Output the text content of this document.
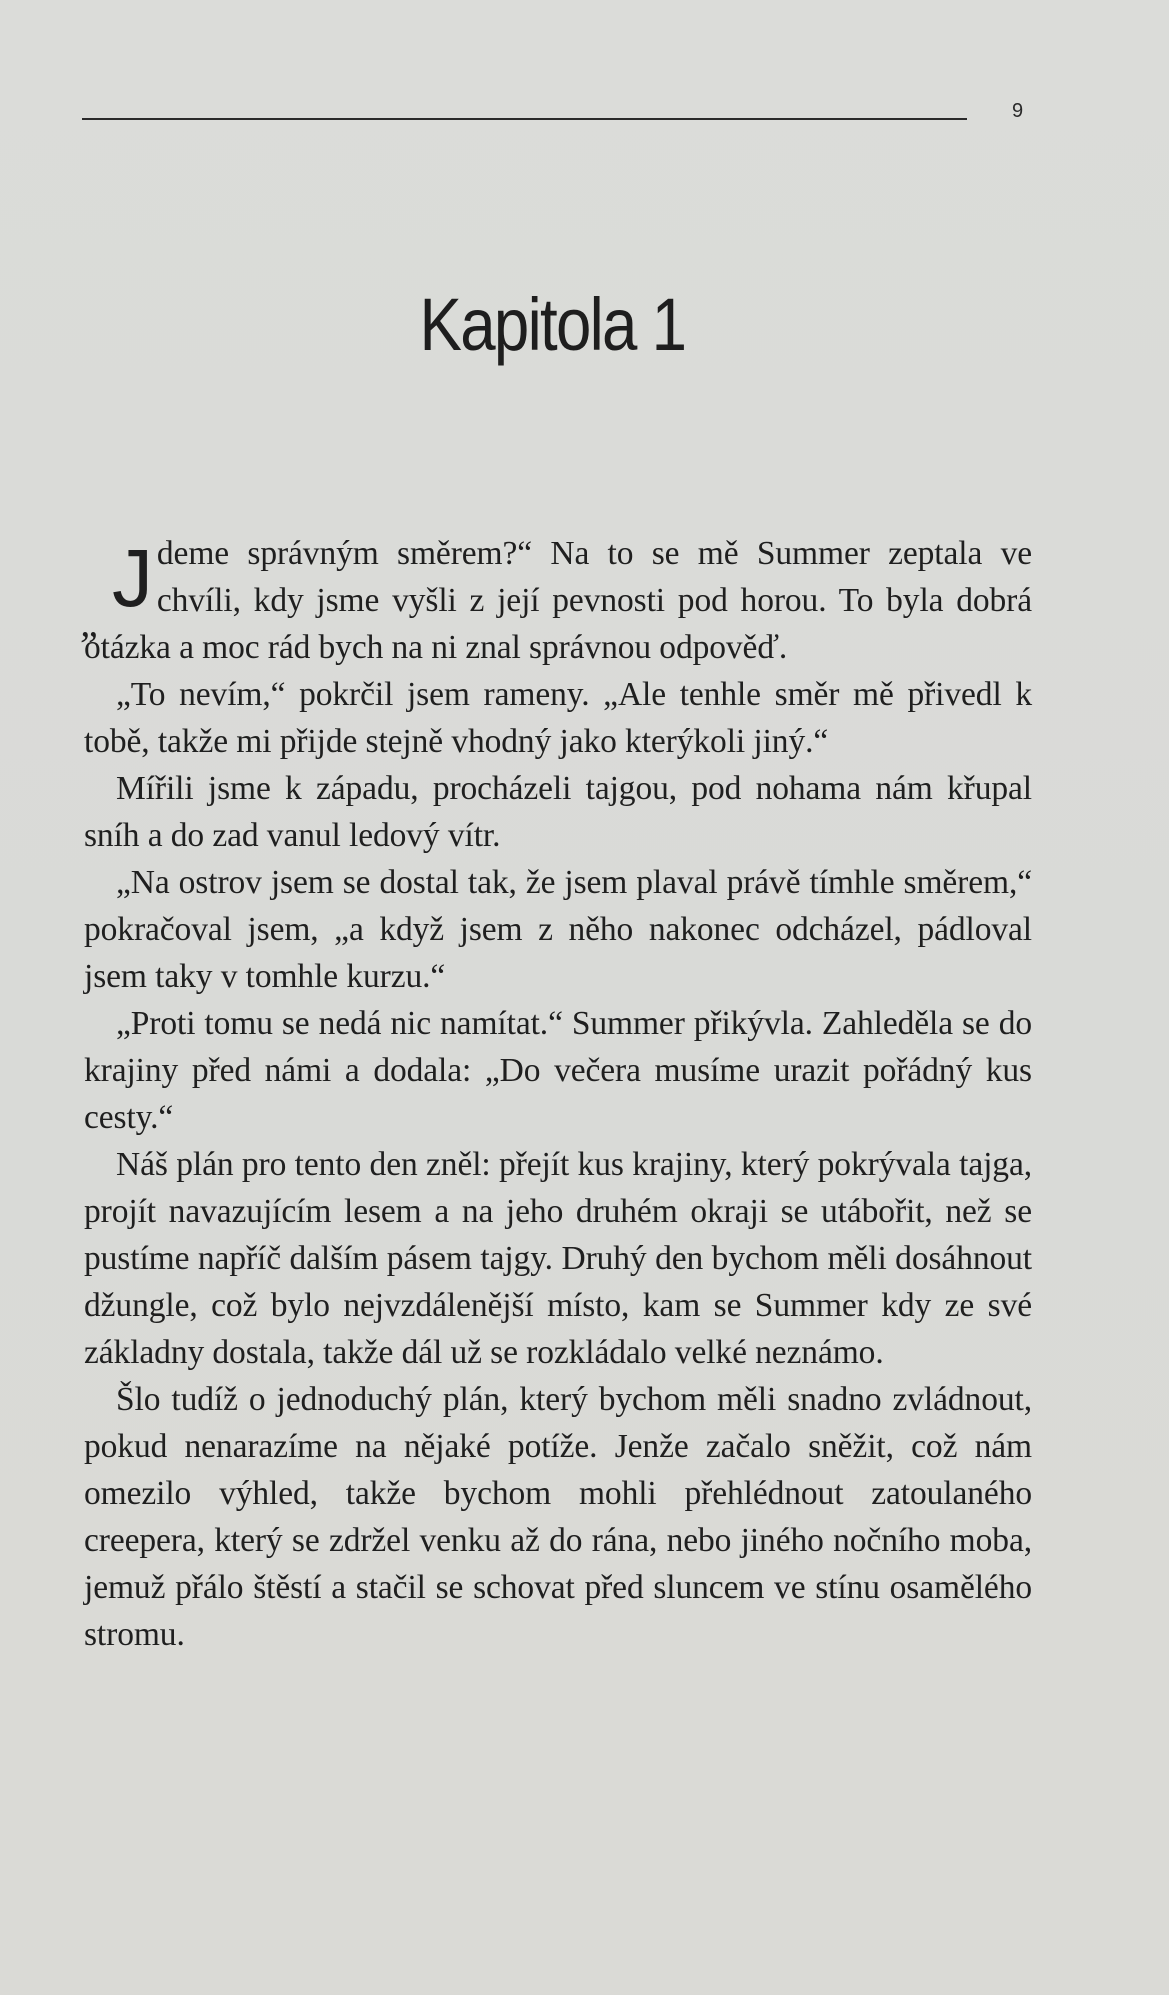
9
Kapitola 1

„ J deme správným směrem?“ Na to se mě Summer zeptala ve chvíli, kdy jsme vyšli z její pevnosti pod horou. To byla dobrá otázka a moc rád bych na ni znal správnou odpověď.

„To nevím,“ pokrčil jsem rameny. „Ale tenhle směr mě přivedl k tobě, takže mi přijde stejně vhodný jako kterýkoli jiný.“

Mířili jsme k západu, procházeli tajgou, pod nohama nám křupal sníh a do zad vanul ledový vítr.

„Na ostrov jsem se dostal tak, že jsem plaval právě tímhle směrem,“ pokračoval jsem, „a když jsem z něho nakonec odcházel, pádloval jsem taky v tomhle kurzu.“

„Proti tomu se nedá nic namítat.“ Summer přikývla. Zahleděla se do krajiny před námi a dodala: „Do večera musíme urazit pořádný kus cesty.“

Náš plán pro tento den zněl: přejít kus krajiny, který pokrývala tajga, projít navazujícím lesem a na jeho druhém okraji se utábořit, než se pustíme napříč dalším pásem tajgy. Druhý den bychom měli dosáhnout džungle, což bylo nejvzdálenější místo, kam se Summer kdy ze své základny dostala, takže dál už se rozkládalo velké neznámo.

Šlo tudíž o jednoduchý plán, který bychom měli snadno zvládnout, pokud nenarazíme na nějaké potíže. Jenže začalo sněžit, což nám omezilo výhled, takže bychom mohli přehlédnout zatoulaného creepera, který se zdržel venku až do rána, nebo jiného nočního moba, jemuž přálo štěstí a stačil se schovat před sluncem ve stínu osamělého stromu.
